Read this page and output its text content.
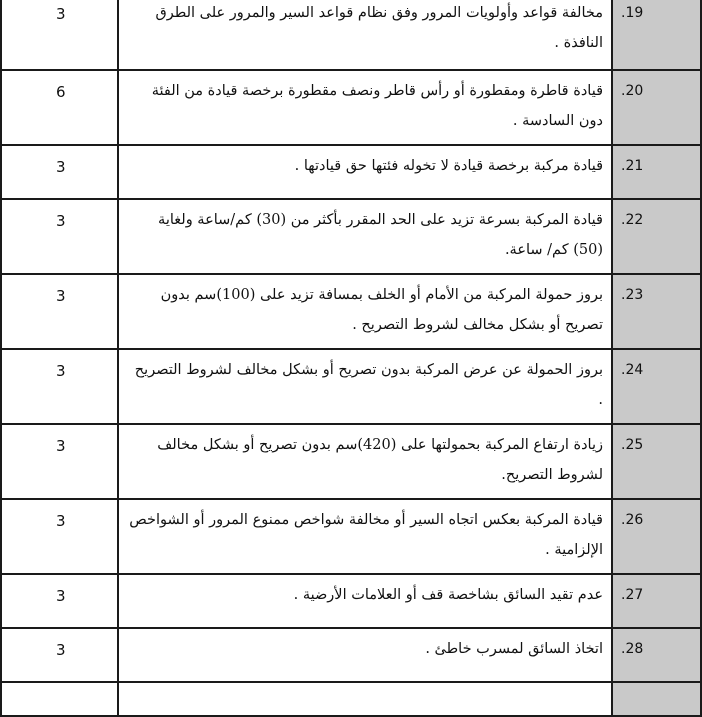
3	مخالفة قواعد وأولويات المرور وفق نظام قواعد السير والمرور على الطرق النافذة .	.19
6	قيادة قاطرة ومقطورة أو رأس قاطر ونصف مقطورة برخصة قيادة من الفئة دون السادسة .	.20
3	قيادة مركبة برخصة قيادة لا تخوله فئتها حق قيادتها .	.21
3	قيادة المركبة بسرعة تزيد على الحد المقرر بأكثر من (30) كم/ساعة ولغاية (50) كم/ ساعة.	.22
3	بروز حمولة المركبة من الأمام أو الخلف بمسافة تزيد على (100)سم بدون تصريح أو بشكل مخالف لشروط التصريح .	.23
3	بروز الحمولة عن عرض المركبة بدون تصريح أو بشكل مخالف لشروط التصريح .	.24
3	زيادة ارتفاع المركبة بحمولتها على (420)سم بدون تصريح أو بشكل مخالف لشروط التصريح.	.25
3	قيادة المركبة بعكس اتجاه السير أو مخالفة شواخص ممنوع المرور أو الشواخص الإلزامية .	.26
3	عدم تقيد السائق بشاخصة قف أو العلامات الأرضية .	.27
3	اتخاذ السائق لمسرب خاطئ .	.28
